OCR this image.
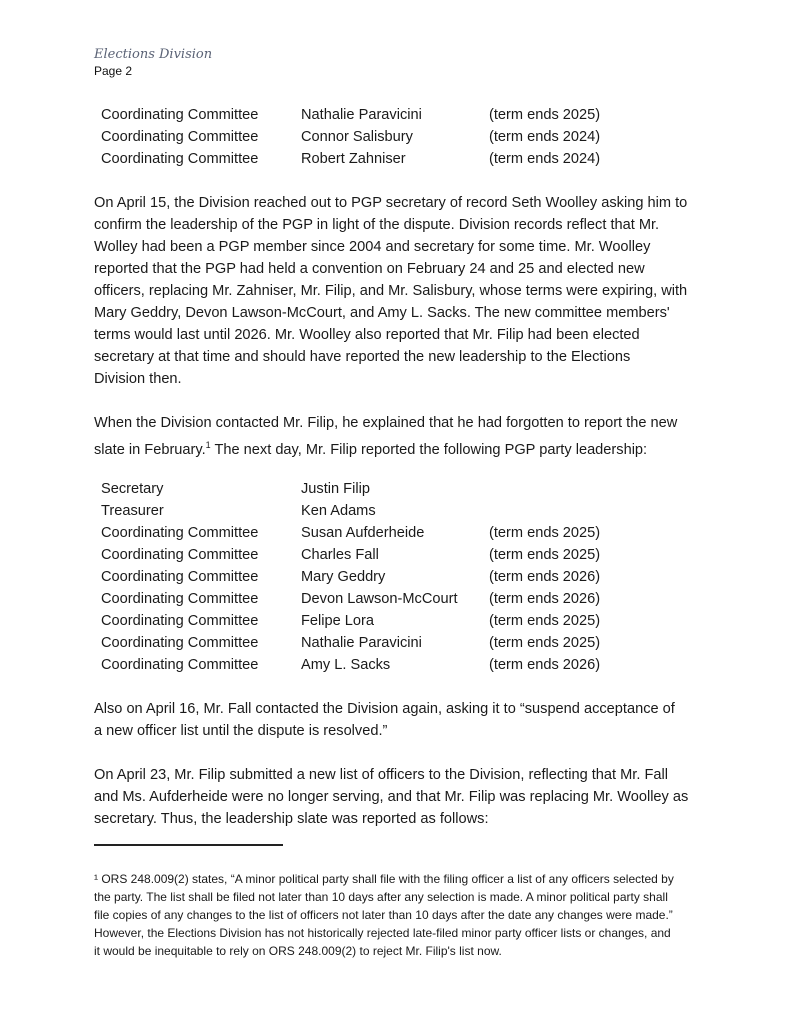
Elections Division
Page 2
Coordinating Committee	Nathalie Paravicini	(term ends 2025)
Coordinating Committee	Connor Salisbury	(term ends 2024)
Coordinating Committee	Robert Zahniser	(term ends 2024)
On April 15, the Division reached out to PGP secretary of record Seth Woolley asking him to
confirm the leadership of the PGP in light of the dispute. Division records reflect that Mr.
Wolley had been a PGP member since 2004 and secretary for some time. Mr. Woolley
reported that the PGP had held a convention on February 24 and 25 and elected new
officers, replacing Mr. Zahniser, Mr. Filip, and Mr. Salisbury, whose terms were expiring, with
Mary Geddry, Devon Lawson-McCourt, and Amy L. Sacks. The new committee members'
terms would last until 2026. Mr. Woolley also reported that Mr. Filip had been elected
secretary at that time and should have reported the new leadership to the Elections
Division then.
When the Division contacted Mr. Filip, he explained that he had forgotten to report the new
slate in February.$^1$ The next day, Mr. Filip reported the following PGP party leadership:
Secretary	Justin Filip
Treasurer	Ken Adams
Coordinating Committee	Susan Aufderheide	(term ends 2025)
Coordinating Committee	Charles Fall	(term ends 2025)
Coordinating Committee	Mary Geddry	(term ends 2026)
Coordinating Committee	Devon Lawson-McCourt (term ends 2026)
Coordinating Committee	Felipe Lora	(term ends 2025)
Coordinating Committee	Nathalie Paravicini	(term ends 2025)
Coordinating Committee	Amy L. Sacks	(term ends 2026)
Also on April 16, Mr. Fall contacted the Division again, asking it to “suspend acceptance of
a new officer list until the dispute is resolved.”
On April 23, Mr. Filip submitted a new list of officers to the Division, reflecting that Mr. Fall
and Ms. Aufderheide were no longer serving, and that Mr. Filip was replacing Mr. Woolley as
secretary. Thus, the leadership slate was reported as follows:
¹ ORS 248.009(2) states, “A minor political party shall file with the filing officer a list of any officers selected by
the party. The list shall be filed not later than 10 days after any selection is made. A minor political party shall
file copies of any changes to the list of officers not later than 10 days after the date any changes were made.”
However, the Elections Division has not historically rejected late-filed minor party officer lists or changes, and
it would be inequitable to rely on ORS 248.009(2) to reject Mr. Filip's list now.
